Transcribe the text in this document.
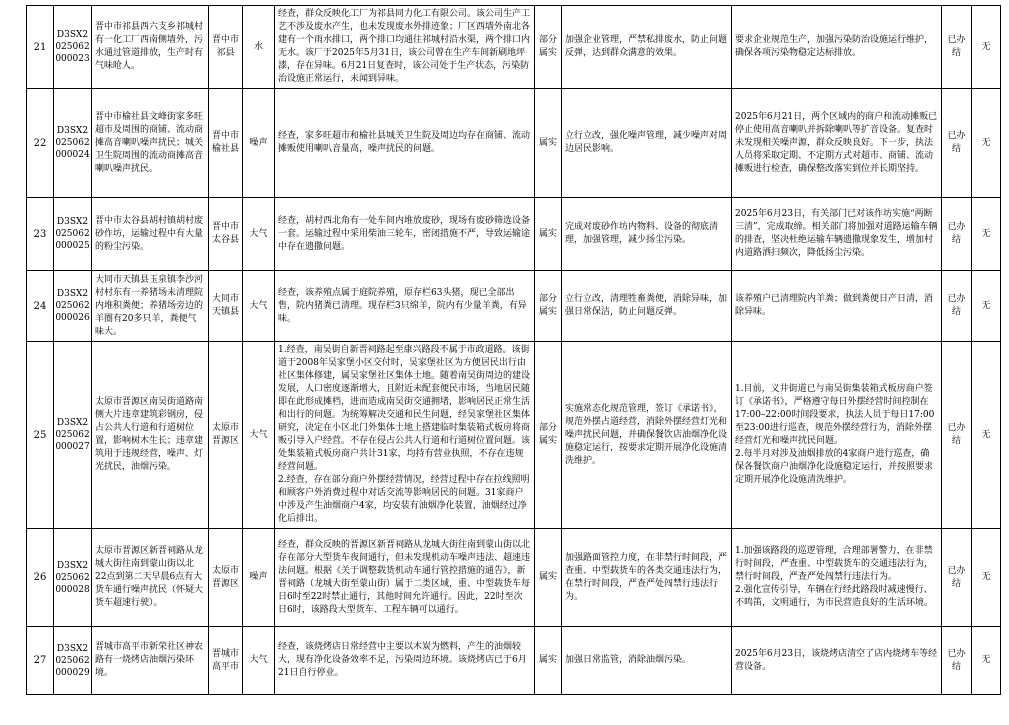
21	D3SX2025062000023	晋中市祁县西六支乡祁城村有一化工厂西南侧墙外，污水通过管道排放，生产时有气味呛人。	晋中市祁县	水	经查，群众反映化工厂为祁县同力化工有限公司。该公司生产工艺不涉及废水产生，也未发现废水外排迹象；厂区西墙外南北各建有一个雨水排口，两个排口均通往祁城村沿水渠，两个排口内无水。该厂于2025年5月31日，该公司曾在生产车间新刷地坪漆，存在异味。6月21日复查时，该公司处于生产状态，污染防治设施正常运行，未闻到异味。	部分属实	加强企业管理，严禁私排废水，防止问题反弹，达到群众满意的效果。	要求企业规范生产，加强污染防治设施运行维护，确保各项污染物稳定达标排放。	已办结	无
22	D3SX2025062000024	晋中市榆社县文峰街家多旺超市及周围的商铺、流动商摊高音喇叭噪声扰民；城关卫生院周围的流动商摊高音喇叭噪声扰民。	晋中市榆社县	噪声	经查，家多旺超市和榆社县城关卫生院及周边均存在商铺、流动摊贩使用喇叭音量高，噪声扰民的问题。	属实	立行立改，强化噪声管理，减少噪声对周边居民影响。	2025年6月21日，两个区域内的商户和流动摊贩已停止使用高音喇叭并拆除喇叭等扩音设备。复查时未发现相关噪声源，群众反映良好。下一步，执法人员将采取定期、不定期方式对超市、商铺、流动摊贩进行检查，确保整改落实到位并长期坚持。	已办结	无
23	D3SX2025062000025	晋中市太谷县胡村镇胡村废砂作坊，运输过程中有大量的粉尘污染。	晋中市太谷县	大气	经查，胡村西北角有一处车间内堆放废砂，现场有废砂筛选设备一套。运输过程中采用柴油三轮车，密闭措施不严，导致运输途中存在遗撒问题。	属实	完成对废砂作坊内物料、设备的彻底清理，加强管理，减少扬尘污染。	2025年6月23日，有关部门已对该作坊实施“两断三清”，完成取缔。相关部门将加强对道路运输车辆的排查，坚决杜绝运输车辆遗撒现象发生，增加村内道路洒扫频次，降低扬尘污染。	已办结	无
24	D3SX2025062000026	大同市天镇县玉泉镇李沙河村村东有一养猪场未清理院内堆积粪便；养猪场旁边的羊圈有20多只羊，粪便气味大。	大同市天镇县	大气	经查，该养殖点属于庭院养殖，原存栏63头猪，现已全部出售，院内猪粪已清理。现存栏3只绵羊，院内有少量羊粪，有异味。	部分属实	立行立改，清理牲畜粪便，消除异味，加强日常保洁，防止问题反弹。	该养殖户已清理院内羊粪；做到粪便日产日清，消除异味。	已办结	无
25	D3SX2025062000027	太原市晋源区南吴街道路南侧大片违章建筑彩钢房，侵占公共人行道和行道树位置，影响树木生长；违章建筑用于违规经营，噪声、灯光扰民，油烟污染。	太原市晋源区	大气	1.经查，南吴街自新晋祠路起至康兴路段不属于市政道路。该街道于2008年吴家堡小区交付时，吴家堡社区为方便居民出行由社区集体修建，属吴家堡社区集体土地。随着南吴街周边的建设发展，人口密度逐渐增大，且附近未配套便民市场，当地居民随即在此形成摊档，进而造成南吴街交通拥堵，影响居民正常生活和出行的问题。为统筹解决交通和民生问题，经吴家堡社区集体研究，决定在小区北门外集体土地上搭建临时集装箱式板房将商贩引导入户经营。不存在侵占公共人行道和行道树位置问题。该处集装箱式板房商户共计31家，均持有营业执照，不存在违规经营问题。
2.经查，存在部分商户外摆经营情况，经营过程中存在拉线照明和顾客户外消费过程中对话交流等影响居民的问题。31家商户中涉及产生油烟商户4家，均安装有油烟净化装置，油烟经过净化后排出。	部分属实	实施常态化规范管理，签订《承诺书》，规范外摆占道经营，消除外摆经营灯光和噪声扰民问题，并确保餐饮店油烟净化设施稳定运行，按要求定期开展净化设施清洗维护。	1.目前，义井街道已与南吴街集装箱式板房商户签订《承诺书》，严格遵守每日外摆经营时间控制在17:00–22:00时间段要求，执法人员于每日17:00至23:00进行巡查，规范外摆经营行为，消除外摆经营灯光和噪声扰民问题。
2.每半月对涉及油烟排放的4家商户进行巡查，确保各餐饮商户油烟净化设施稳定运行，并按照要求定期开展净化设施清洗维护。	已办结	无
26	D3SX2025062000028	太原市晋源区新晋祠路从龙城大街往南到蒙山街以北22点到第二天早晨6点有大货车通行噪声扰民（怀疑大货车超速行驶）。	太原市晋源区	噪声	经查，群众反映的晋源区新晋祠路从龙城大街往南到蒙山街以北存在部分大型货车夜间通行，但未发现机动车噪声违法、超速违法问题。根据《关于调整载货机动车通行管控措施的通告》，新晋祠路（龙城大街至蒙山街）属于二类区域，重、中型载货车每日6时至22时禁止通行，其他时间允许通行。因此，22时至次日6时，该路段大型货车、工程车辆可以通行。	属实	加强路面管控力度，在非禁行时间段，严查重、中型载货车的各类交通违法行为，在禁行时间段，严查严处闯禁行违法行为。	1.加强该路段的巡逻管理，合理部署警力，在非禁行时间段，严查重、中型载货车的交通违法行为，禁行时间段，严查严处闯禁行违法行为。
2.强化宣传引导，车辆在行经此路段时减速慢行、不鸣笛，文明通行，为市民营造良好的生活环境。	已办结	无
27	D3SX2025062000029	晋城市高平市新荣社区神农路有一烧烤店油烟污染环境。	晋城市高平市	大气	经查，该烧烤店日常经营中主要以木炭为燃料，产生的油烟较大，现有净化设备效率不足，污染周边环境。该烧烤店已于6月21日自行停业。	属实	加强日常监管，消除油烟污染。	2025年6月23日，该烧烤店清空了店内烧烤车等经营设备。	已办结	无
